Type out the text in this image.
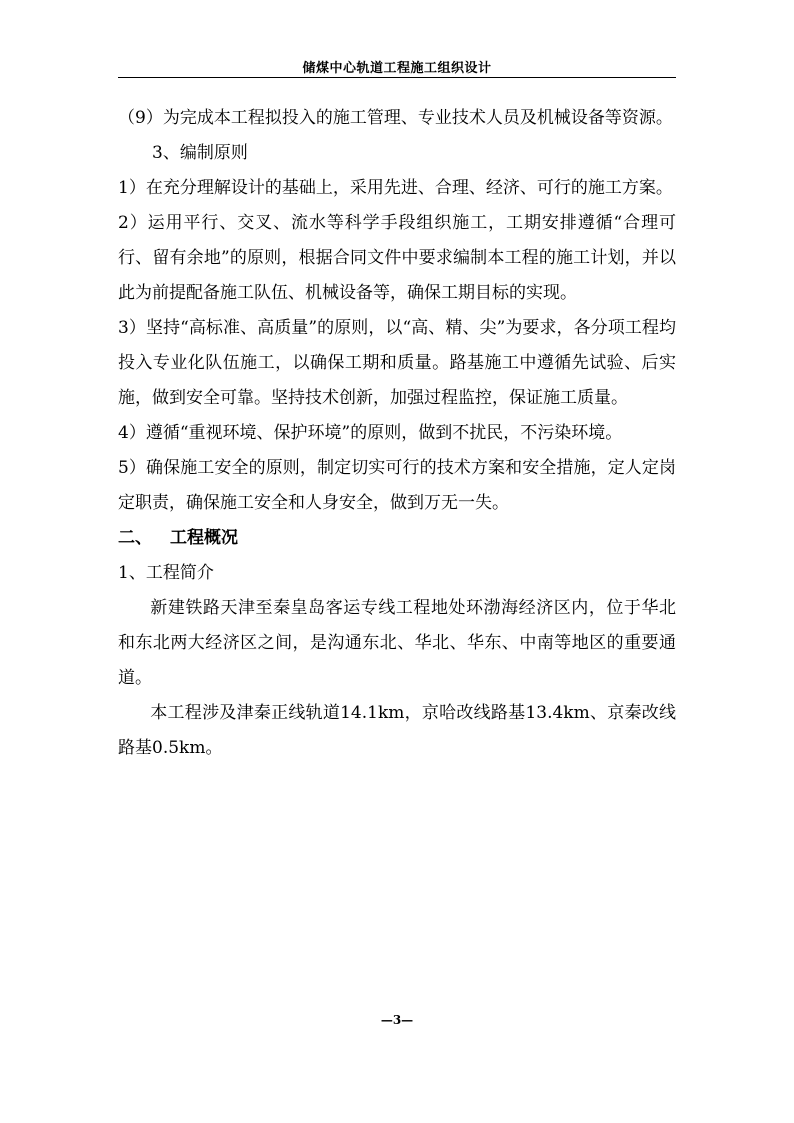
储煤中心轨道工程施工组织设计

（9）为完成本工程拟投入的施工管理、专业技术人员及机械设备等资源。

3、编制原则

1）在充分理解设计的基础上，采用先进、合理、经济、可行的施工方案。

2）运用平行、交叉、流水等科学手段组织施工，工期安排遵循“合理可行、留有余地”的原则，根据合同文件中要求编制本工程的施工计划，并以此为前提配备施工队伍、机械设备等，确保工期目标的实现。

3）坚持“高标准、高质量”的原则，以“高、精、尖”为要求，各分项工程均投入专业化队伍施工，以确保工期和质量。路基施工中遵循先试验、后实施，做到安全可靠。坚持技术创新，加强过程监控，保证施工质量。

4）遵循“重视环境、保护环境”的原则，做到不扰民，不污染环境。

5）确保施工安全的原则，制定切实可行的技术方案和安全措施，定人定岗定职责，确保施工安全和人身安全，做到万无一失。

二、 工程概况

1、工程简介

新建铁路天津至秦皇岛客运专线工程地处环渤海经济区内，位于华北和东北两大经济区之间，是沟通东北、华北、华东、中南等地区的重要通道。

本工程涉及津秦正线轨道14.1km，京哈改线路基13.4km、京秦改线路基0.5km。

—3—
